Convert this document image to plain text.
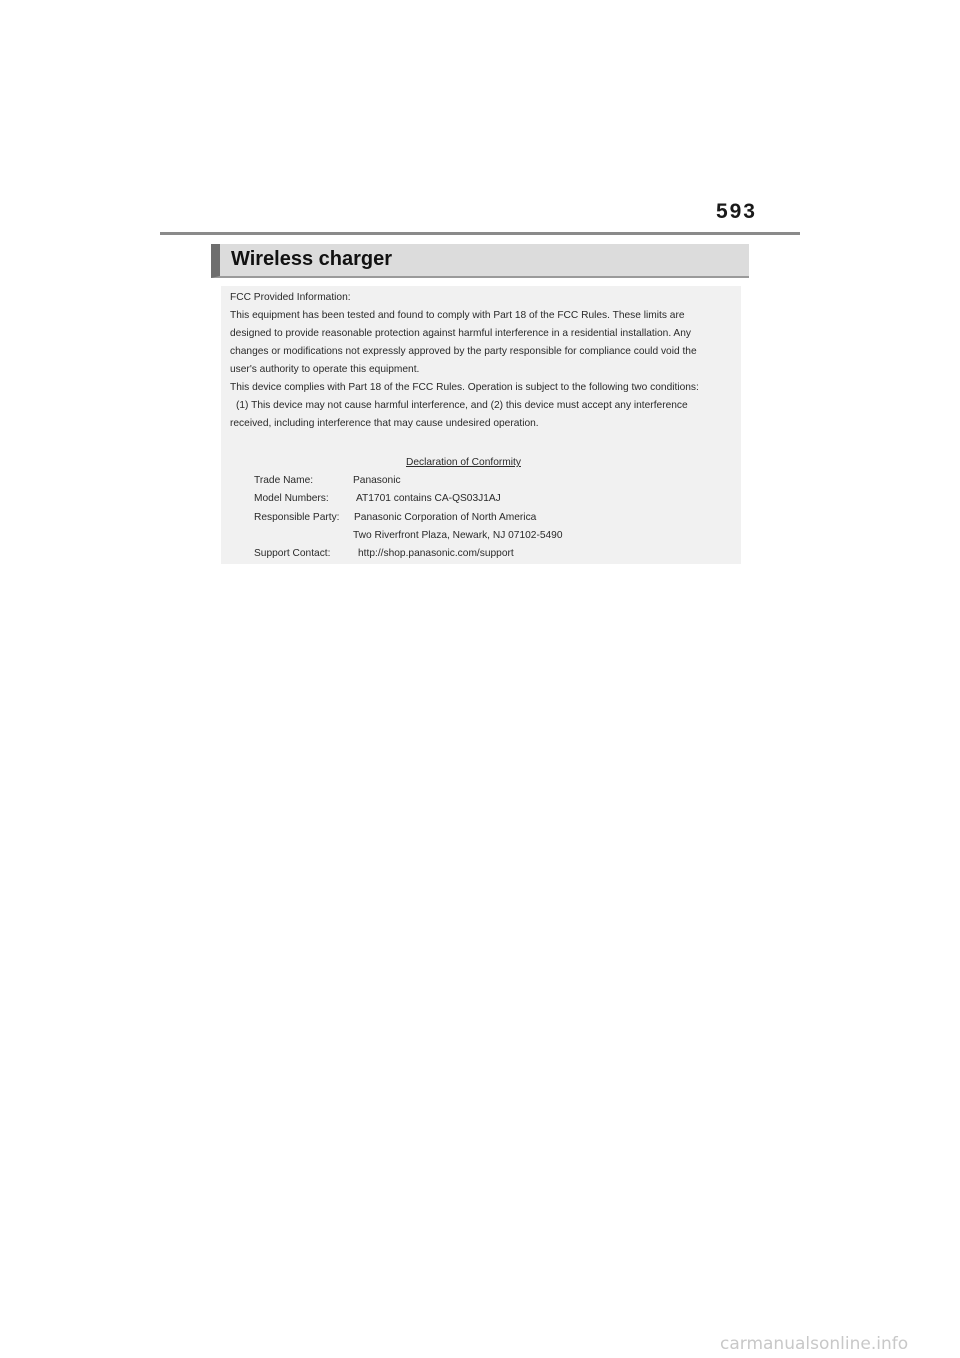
593
Wireless charger
FCC Provided Information:
This equipment has been tested and found to comply with Part 18 of the FCC Rules. These limits are
designed to provide reasonable protection against harmful interference in a residential installation. Any
changes or modifications not expressly approved by the party responsible for compliance could void the
user's authority to operate this equipment.
This device complies with Part 18 of the FCC Rules. Operation is subject to the following two conditions:
(1) This device may not cause harmful interference, and (2) this device must accept any interference
received, including interference that may cause undesired operation.
Declaration of Conformity
Trade Name:	Panasonic
Model Numbers:	AT1701 contains CA-QS03J1AJ
Responsible Party: Panasonic Corporation of North America
Two Riverfront Plaza, Newark, NJ 07102-5490
Support Contact:	http://shop.panasonic.com/support
carmanualsonline.info
